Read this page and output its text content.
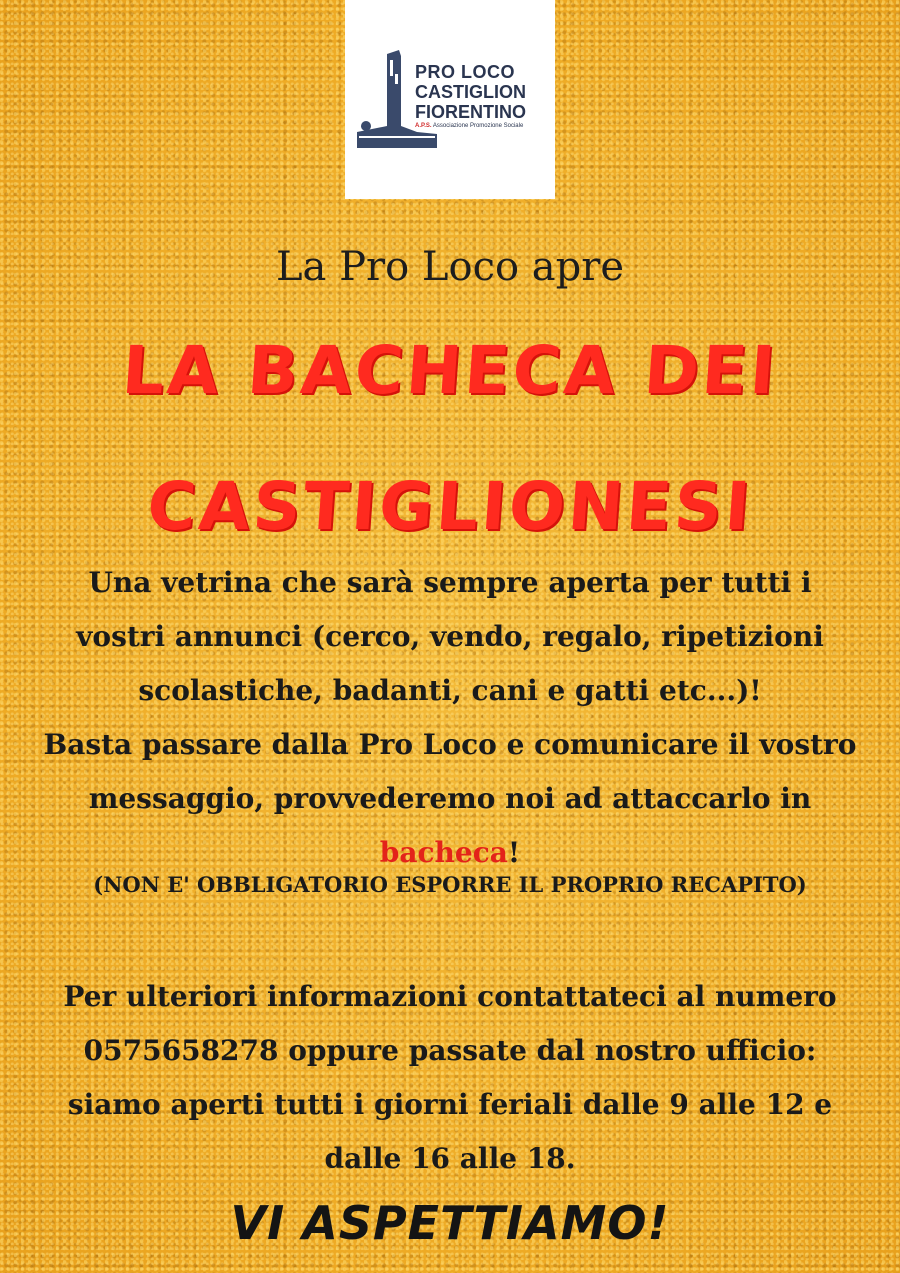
PRO LOCO
CASTIGLION
FIORENTINO
A.P.S. Associazione Promozione Sociale
La Pro Loco apre
LA BACHECA DEI
CASTIGLIONESI
Una vetrina che sarà sempre aperta per tutti i
vostri annunci (cerco, vendo, regalo, ripetizioni
scolastiche, badanti, cani e gatti etc...)!
Basta passare dalla Pro Loco e comunicare il vostro
messaggio, provvederemo noi ad attaccarlo in
bacheca!
(NON E' OBBLIGATORIO ESPORRE IL PROPRIO RECAPITO)
Per ulteriori informazioni contattateci al numero
0575658278 oppure passate dal nostro ufficio:
siamo aperti tutti i giorni feriali dalle 9 alle 12 e
dalle 16 alle 18.
VI ASPETTIAMO!
